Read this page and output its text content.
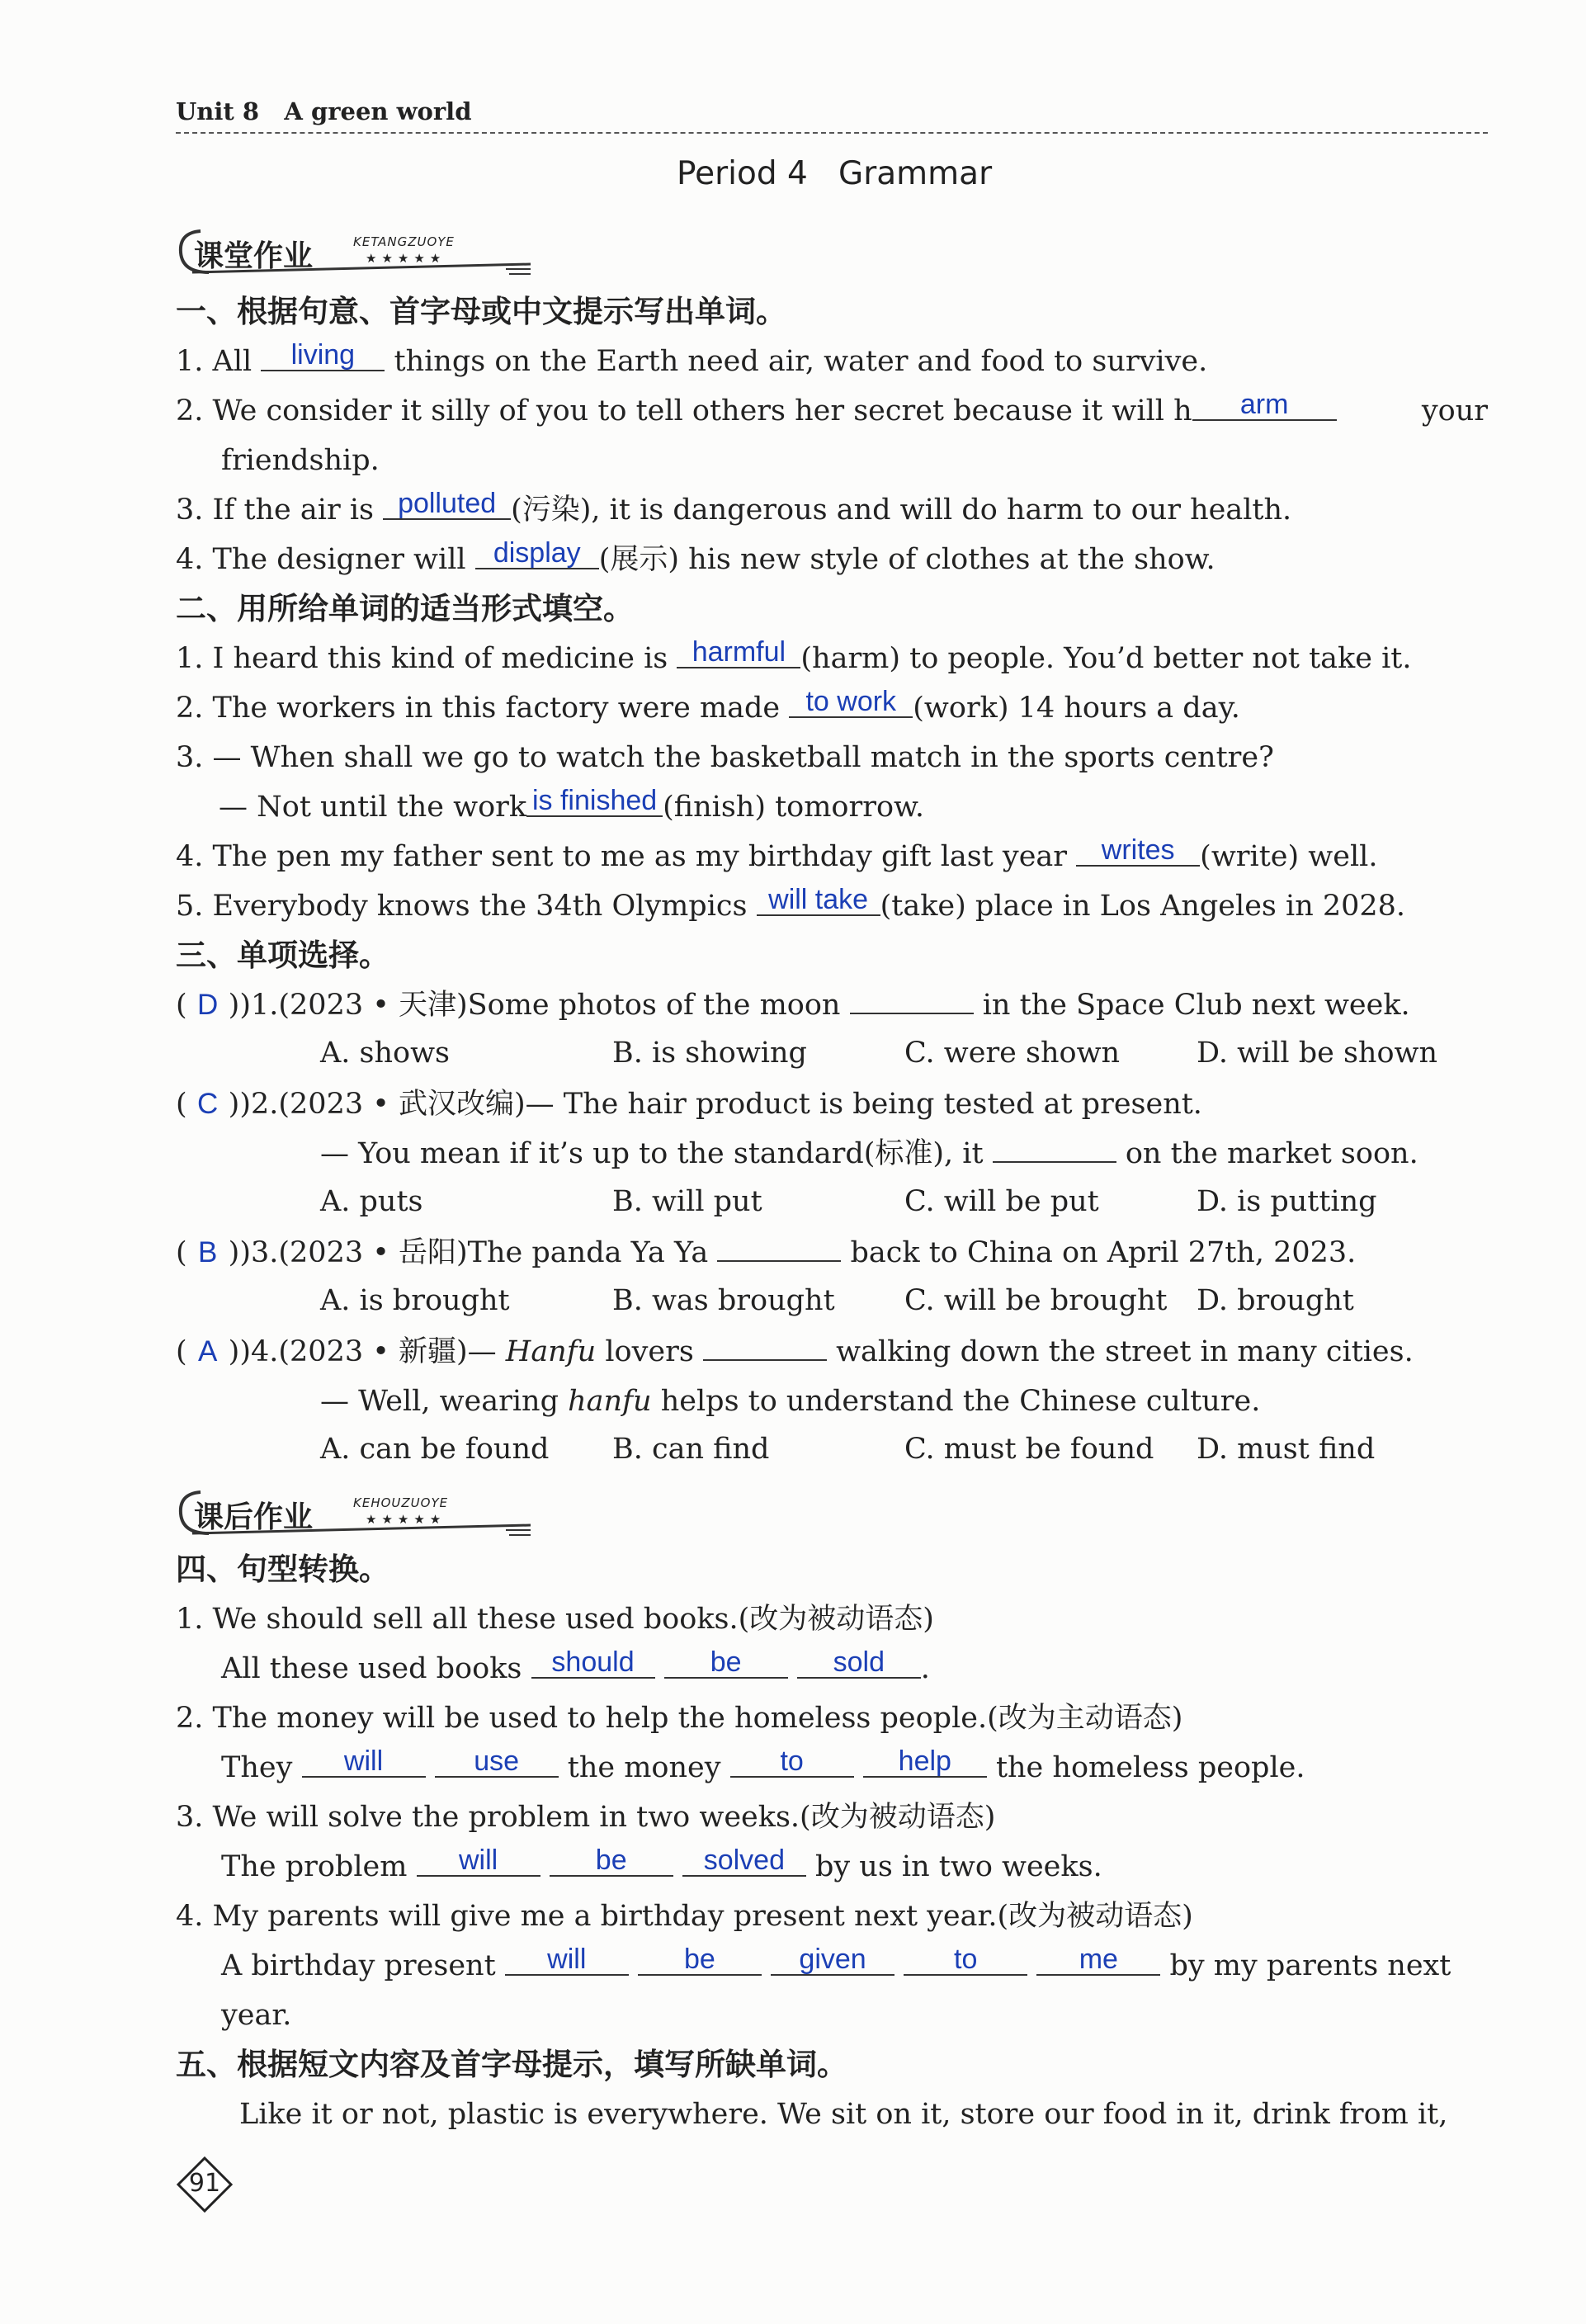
Unit 8 A green world
Period 4 Grammar
课堂作业	KETANGZUOYE
★★★★★
一、根据句意、首字母或中文提示写出单词。
1. All living things on the Earth need air, water and food to survive.
2. We consider it silly of you to tell others her secret because it will h arm	your
friendship.
3. If the air is polluted (污染), it is dangerous and will do harm to our health.
4. The designer will display (展示) his new style of clothes at the show.
二、用所给单词的适当形式填空。
1. I heard this kind of medicine is harmful (harm) to people. You’d better not take it.
2. The workers in this factory were made to work (work) 14 hours a day.
3. — When shall we go to watch the basketball match in the sports centre?
— Not until the work is finished (finish) tomorrow.
4. The pen my father sent to me as my birthday gift last year writes (write) well.
5. Everybody knows the 34th Olympics will take (take) place in Los Angeles in 2028.
三、单项选择。
( D ))1.(2023 • 天津)Some photos of the moon	in the Space Club next week.
A. shows	B. is showing	C. were shown	D. will be shown
( C ))2.(2023 • 武汉改编)— The hair product is being tested at present.
— You mean if it’s up to the standard(标准), it	on the market soon.
A. puts	B. will put	C. will be put	D. is putting
( B ))3.(2023 • 岳阳)The panda Ya Ya	back to China on April 27th, 2023.
A. is brought	B. was brought C. will be brought D. brought
( A ))4.(2023 • 新疆)— Hanfu lovers	walking down the street in many cities.
— Well, wearing hanfu helps to understand the Chinese culture.
A. can be found B. can find	C. must be found D. must find
课后作业	KEHOUZUOYE
★★★★★
四、句型转换。
1. We should sell all these used books.(改为被动语态)
All these used books should	be	sold .
2. The money will be used to help the homeless people.(改为主动语态)
They will	use the money to	help the homeless people.
3. We will solve the problem in two weeks.(改为被动语态)
The problem will	be	solved by us in two weeks.
4. My parents will give me a birthday present next year.(改为被动语态)
A birthday present will	be	given	to	me by my parents next
year.
五、根据短文内容及首字母提示，填写所缺单词。
Like it or not, plastic is everywhere. We sit on it, store our food in it, drink from it,
91
